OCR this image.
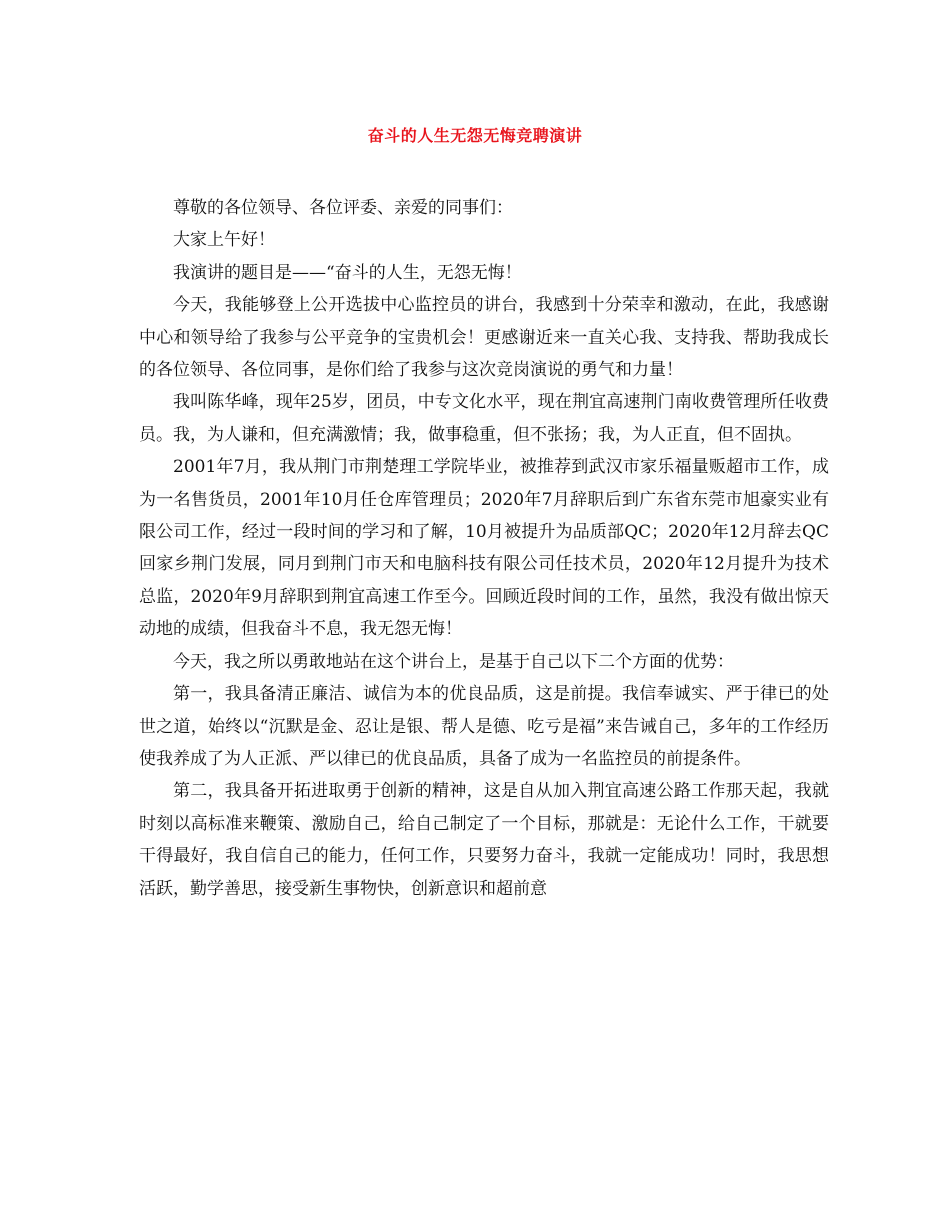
奋斗的人生无怨无悔竞聘演讲

尊敬的各位领导、各位评委、亲爱的同事们：

大家上午好！

我演讲的题目是——“奋斗的人生，无怨无悔！

今天，我能够登上公开选拔中心监控员的讲台，我感到十分荣幸和激动，在此，我感谢中心和领导给了我参与公平竞争的宝贵机会！更感谢近来一直关心我、支持我、帮助我成长的各位领导、各位同事，是你们给了我参与这次竞岗演说的勇气和力量！

我叫陈华峰，现年25岁，团员，中专文化水平，现在荆宜高速荆门南收费管理所任收费员。我，为人谦和，但充满激情；我，做事稳重，但不张扬；我，为人正直，但不固执。

2001年7月，我从荆门市荆楚理工学院毕业，被推荐到武汉市家乐福量贩超市工作，成为一名售货员，2001年10月任仓库管理员；2020年7月辞职后到广东省东莞市旭豪实业有限公司工作，经过一段时间的学习和了解，10月被提升为品质部QC；2020年12月辞去QC回家乡荆门发展，同月到荆门市天和电脑科技有限公司任技术员，2020年12月提升为技术总监，2020年9月辞职到荆宜高速工作至今。回顾近段时间的工作，虽然，我没有做出惊天动地的成绩，但我奋斗不息，我无怨无悔！

今天，我之所以勇敢地站在这个讲台上，是基于自己以下二个方面的优势：

第一，我具备清正廉洁、诚信为本的优良品质，这是前提。我信奉诚实、严于律已的处世之道，始终以“沉默是金、忍让是银、帮人是德、吃亏是福”来告诫自己，多年的工作经历使我养成了为人正派、严以律已的优良品质，具备了成为一名监控员的前提条件。

第二，我具备开拓进取勇于创新的精神，这是自从加入荆宜高速公路工作那天起，我就时刻以高标准来鞭策、激励自己，给自己制定了一个目标，那就是：无论什么工作，干就要干得最好，我自信自己的能力，任何工作，只要努力奋斗，我就一定能成功！同时，我思想活跃，勤学善思，接受新生事物快，创新意识和超前意
